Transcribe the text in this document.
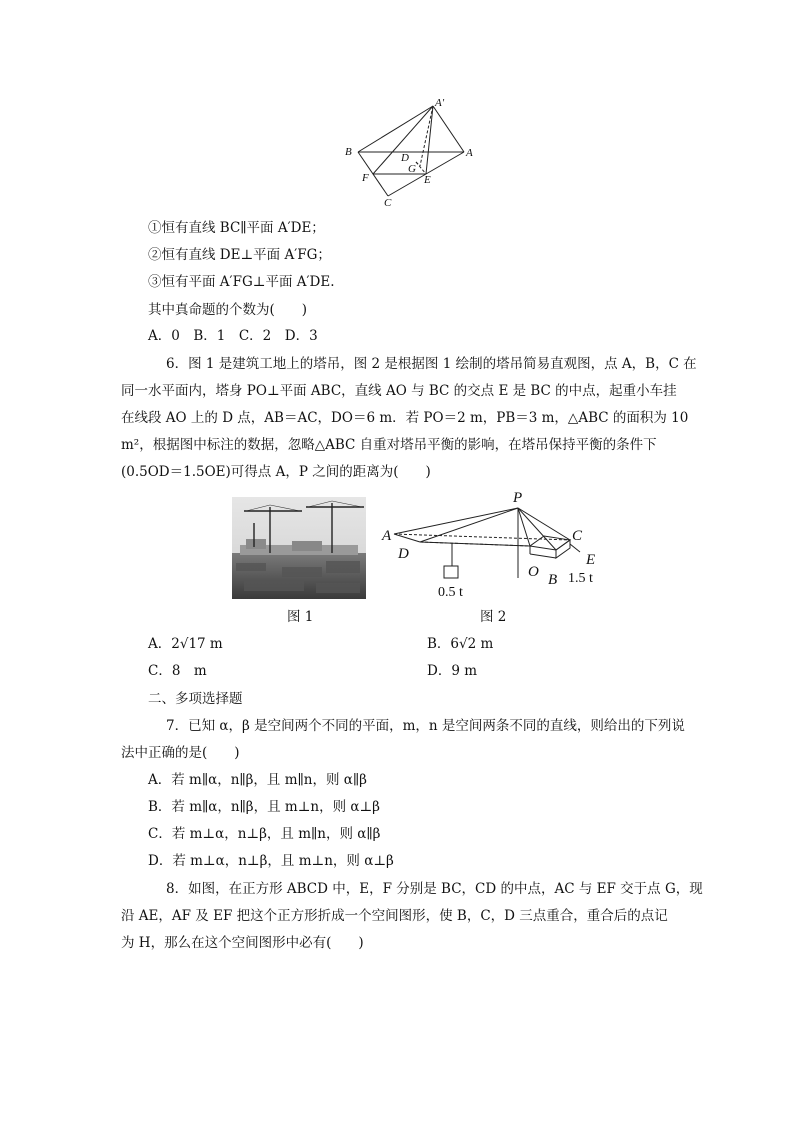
A′
B	A
D
G
F	E
C
①恒有直线 BC∥平面 A′DE；
②恒有直线 DE⊥平面 A′FG；
③恒有平面 A′FG⊥平面 A′DE.
其中真命题的个数为(　　)
A．0　B．1　C．2　D．3
6．图 1 是建筑工地上的塔吊，图 2 是根据图 1 绘制的塔吊简易直观图，点 A，B，C 在
同一水平面内，塔身 PO⊥平面 ABC，直线 AO 与 BC 的交点 E 是 BC 的中点，起重小车挂
在线段 AO 上的 D 点，AB＝AC，DO＝6 m．若 PO＝2 m，PB＝3 m，△ABC 的面积为 10
m²，根据图中标注的数据，忽略△ABC 自重对塔吊平衡的影响，在塔吊保持平衡的条件下
(0.5OD＝1.5OE)可得点 A，P 之间的距离为(　　)
图 1
P
A	C
D	E
O B
0.5 t
1.5 t
图 2
A．2√17 m	B．6√2 m
C．8　m	D．9 m
二、多项选择题
7．已知 α，β 是空间两个不同的平面，m，n 是空间两条不同的直线，则给出的下列说
法中正确的是(　　)
A．若 m∥α，n∥β，且 m∥n，则 α∥β
B．若 m∥α，n∥β，且 m⊥n，则 α⊥β
C．若 m⊥α，n⊥β，且 m∥n，则 α∥β
D．若 m⊥α，n⊥β，且 m⊥n，则 α⊥β
8．如图，在正方形 ABCD 中，E，F 分别是 BC，CD 的中点，AC 与 EF 交于点 G，现
沿 AE，AF 及 EF 把这个正方形折成一个空间图形，使 B，C，D 三点重合，重合后的点记
为 H，那么在这个空间图形中必有(　　)
